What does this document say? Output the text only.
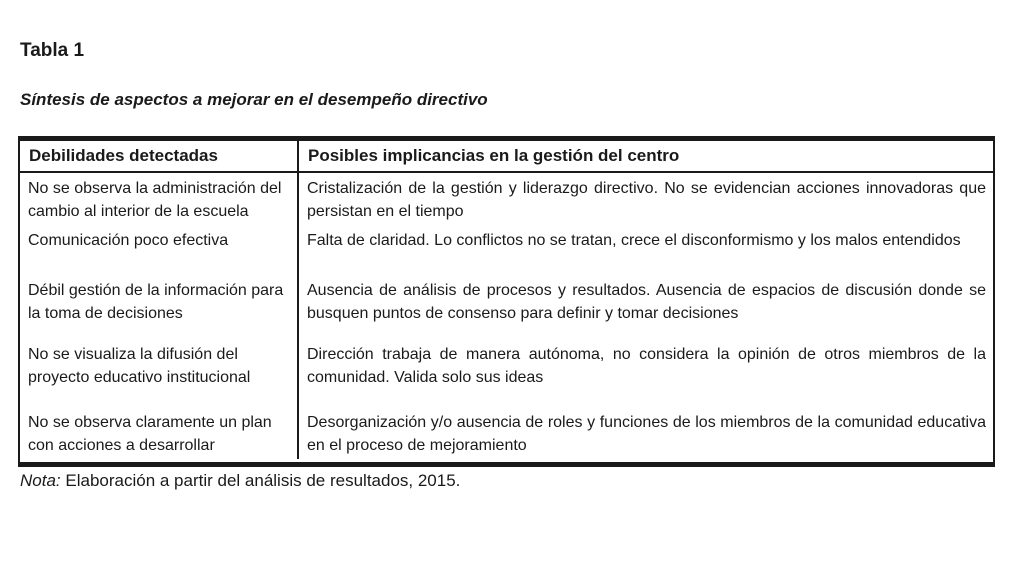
Tabla 1
Síntesis de aspectos a mejorar en el desempeño directivo
Debilidades detectadas	Posibles implicancias en la gestión del centro
No se observa la administración del cambio al interior de la escuela	Cristalización de la gestión y liderazgo directivo. No se evidencian acciones innovadoras que persistan en el tiempo
Comunicación poco efectiva	Falta de claridad. Lo conflictos no se tratan, crece el disconformismo y los malos entendidos
Débil gestión de la información para la toma de decisiones	Ausencia de análisis de procesos y resultados. Ausencia de espacios de discusión donde se busquen puntos de consenso para definir y tomar decisiones
No se visualiza la difusión del proyecto educativo institucional	Dirección trabaja de manera autónoma, no considera la opinión de otros miembros de la comunidad. Valida solo sus ideas
No se observa claramente un plan con acciones a desarrollar	Desorganización y/o ausencia de roles y funciones de los miembros de la comunidad educativa en el proceso de mejoramiento
Nota: Elaboración a partir del análisis de resultados, 2015.
